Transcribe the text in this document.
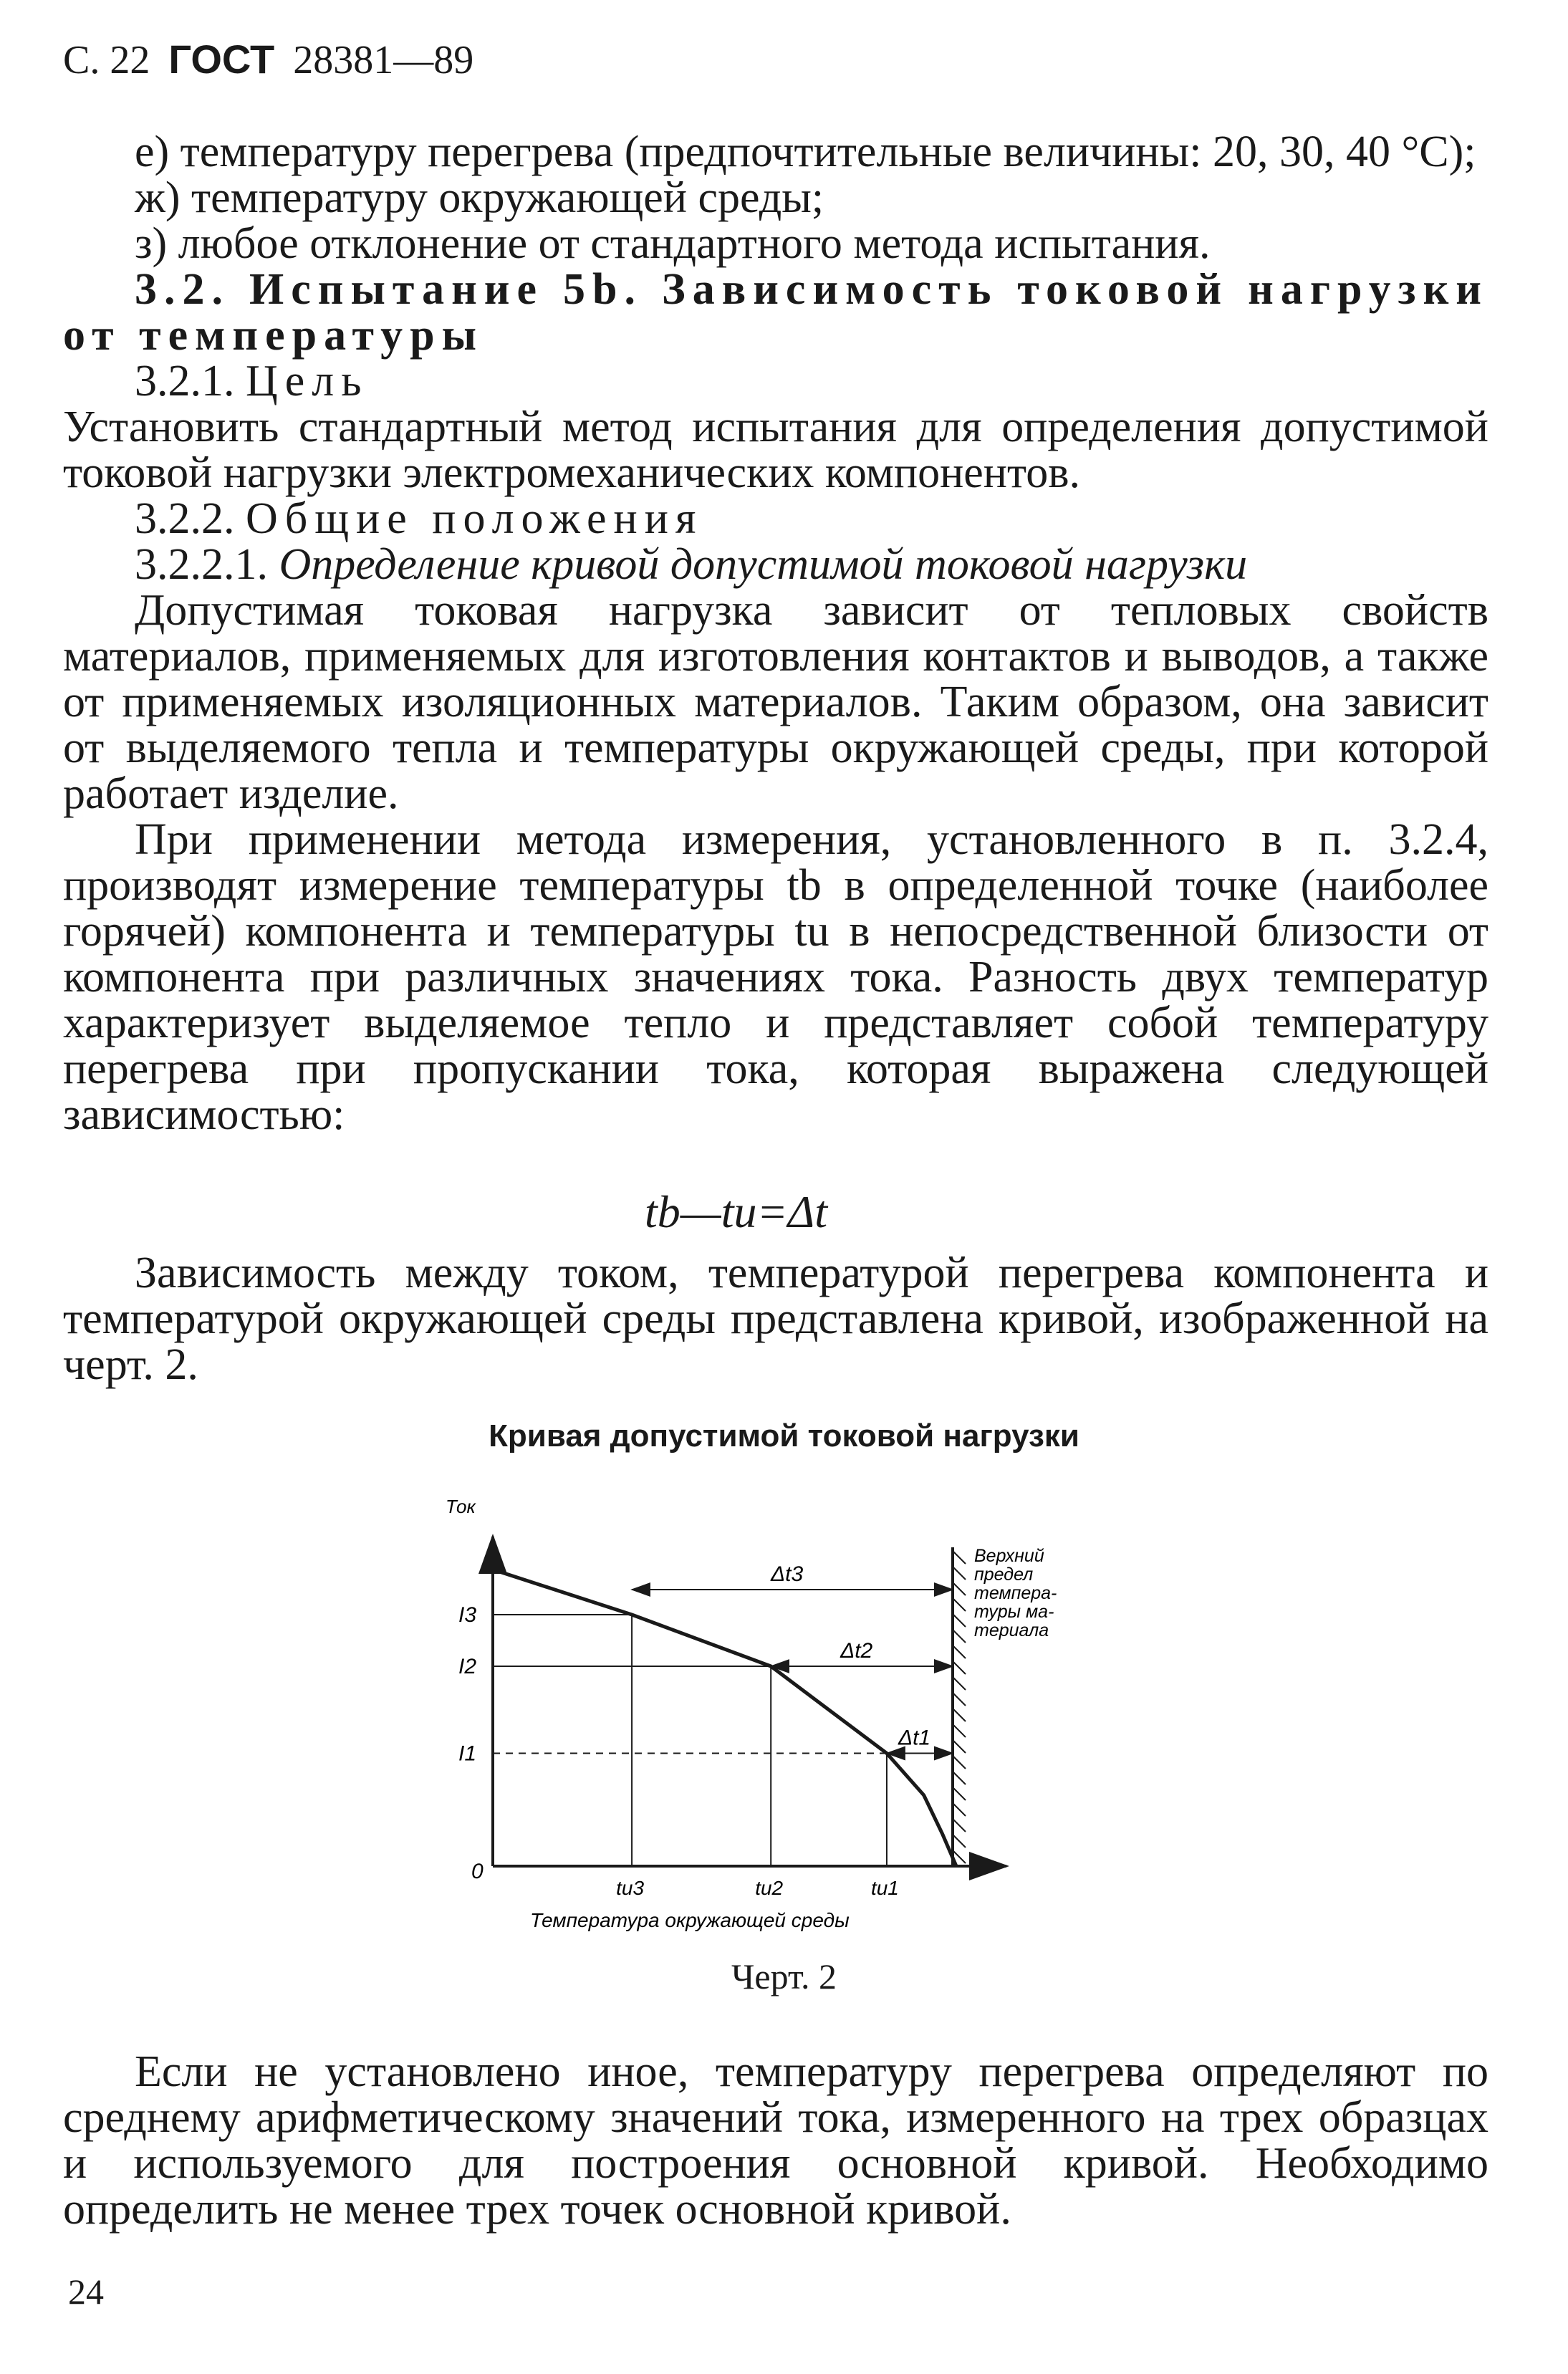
С. 22 ГОСТ 28381—89

е) температуру перегрева (предпочтительные величины: 20, 30, 40 °C);

ж) температуру окружающей среды;

з) любое отклонение от стандартного метода испытания.

3.2. Испытание 5b. Зависимость токовой нагрузки от температуры

3.2.1. Цель

Установить стандартный метод испытания для определения допустимой токовой нагрузки электромеханических компонентов.

3.2.2. Общие положения

3.2.2.1. Определение кривой допустимой токовой нагрузки

Допустимая токовая нагрузка зависит от тепловых свойств материалов, применяемых для изготовления контактов и выводов, а также от применяемых изоляционных материалов. Таким образом, она зависит от выделяемого тепла и температуры окружающей среды, при которой работает изделие.

При применении метода измерения, установленного в п. 3.2.4, производят измерение температуры tb в определенной точке (наиболее горячей) компонента и температуры tu в непосредственной близости от компонента при различных значениях тока. Разность двух температур характеризует выделяемое тепло и представляет собой температуру перегрева при пропускании тока, которая выражена следующей зависимостью:

tb—tu=Δt

Зависимость между током, температурой перегрева компонента и температурой окружающей среды представлена кривой, изображенной на черт. 2.

Кривая допустимой токовой нагрузки
Ток
Температура окружающей среды
0
Верхний
предел
темпера-
туры ма-
териала
I3
tu3
Δt3
I2
tu2
Δt2
I1
tu1
Δt1
Черт. 2

Если не установлено иное, температуру перегрева определяют по среднему арифметическому значений тока, измеренного на трех образцах и используемого для построения основной кривой. Необходимо определить не менее трех точек основной кривой.

24
